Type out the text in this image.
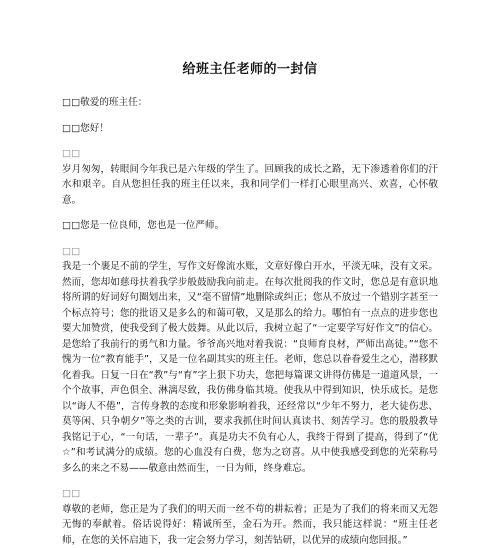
给班主任老师的一封信

□□敬爱的班主任：

□□您好！

□□

岁月匆匆，转眼间今年我已是六年级的学生了。回顾我的成长之路，无下渗透着你们的汗水和艰辛。自从您担任我的班主任以来，我和同学们一样打心眼里高兴、欢喜，心怀敬意。

□□您是一位良师，您也是一位严师。

□□

我是一个裹足不前的学生，写作文好像流水账，文章好像白开水，平淡无味，没有文采。然而，您却如慈母扶着我学步般鼓励我向前走。在每次批阅我的作文时，您总是有意识地将所谓的好词好句圈划出来，又“毫不留情”地删除或纠正；您从不放过一个错别字甚至一个标点符号；您的批语又是多么的和蔼可敬，又是那么的给力。哪怕有一点点的进步您也要大加赞赏，使我受到了极大鼓舞。从此以后，我树立起了“一定要学写好作文”的信心。是您给了我前行的勇气和力量。爷爷高兴地对着我说：“良师育良材，严师出高徒。”“您不愧为一位“教育能手”，又是一位名副其实的班主任。老师，您总以眷眷爱生之心，潜移默化着我。日复一日在“教”与“育”字上狠下功夫，您把每篇课文讲得仿佛是一道道风景，一个个故事，声色俱全、淋漓尽致，我仿佛身临其境。使我从中得到知识，快乐成长。是您以“诲人不倦”，言传身教的态度和形象影响着我，还经常以“少年不努力，老大徒伤悲、莫等闲、只争朝夕”等之类的古训，要求我抓住时间认真读书、刻苦学习。您的殷殷教导我铭记于心，“一句话，一辈子”。真是功夫不负有心人，我终于得到了提高，得到了“优☆”和考试满分的成绩。您的心血没有白费，您为之窃喜。从中使我感受到您的光荣称号多么的来之不易——敬意由然而生，一日为师，终身难忘。

□□

尊敬的老师，您正是为了我们的明天而一丝不苟的耕耘着；正是为了我们的将来而又无怨无悔的奉献着。俗话说得好：精诚所至，金石为开。然而，我只能这样说：“班主任老师，在您的关怀启迪下，我一定会努力学习，刻苦钻研，以优异的成绩向您回报。”
